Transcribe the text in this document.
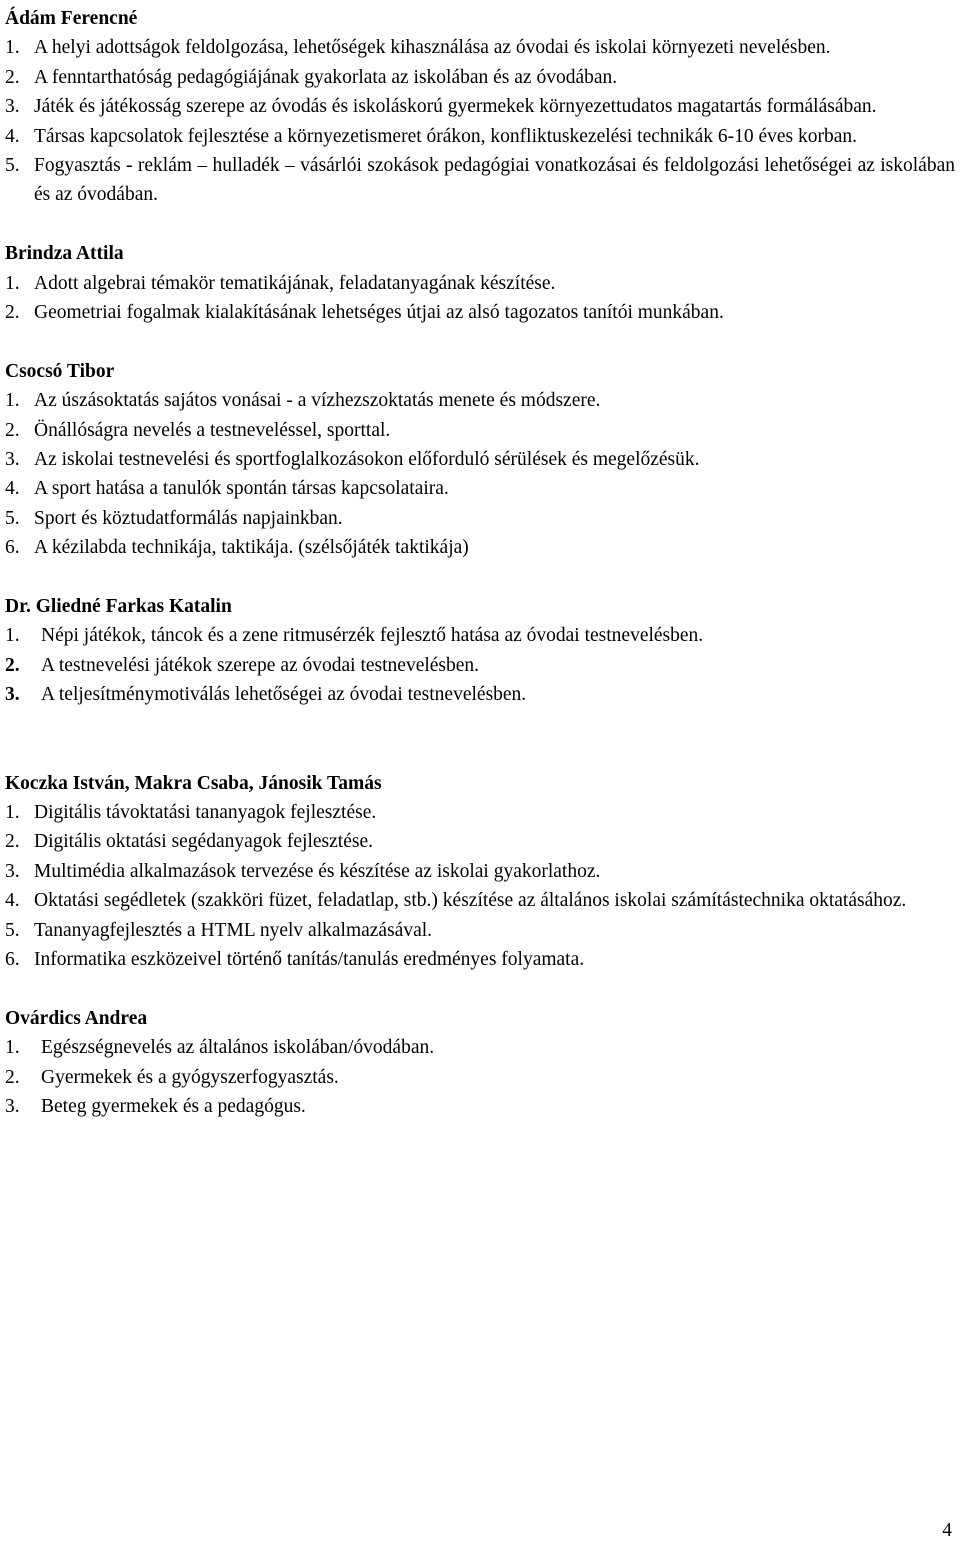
Ádám Ferencné

1. A helyi adottságok feldolgozása, lehetőségek kihasználása az óvodai és iskolai környezeti nevelésben.
2. A fenntarthatóság pedagógiájának gyakorlata az iskolában és az óvodában.
3. Játék és játékosság szerepe az óvodás és iskoláskorú gyermekek környezettudatos magatartás formálásában.
4. Társas kapcsolatok fejlesztése a környezetismeret órákon, konfliktuskezelési technikák 6-10 éves korban.
5. Fogyasztás - reklám – hulladék – vásárlói szokások pedagógiai vonatkozásai és feldolgozási lehetőségei az iskolában és az óvodában.

Brindza Attila

1. Adott algebrai témakör tematikájának, feladatanyagának készítése.
2. Geometriai fogalmak kialakításának lehetséges útjai az alsó tagozatos tanítói munkában.

Csocsó Tibor

1. Az úszásoktatás sajátos vonásai - a vízhezszoktatás menete és módszere.
2. Önállóságra nevelés a testneveléssel, sporttal.
3. Az iskolai testnevelési és sportfoglalkozásokon előforduló sérülések és megelőzésük.
4. A sport hatása a tanulók spontán társas kapcsolataira.
5. Sport és köztudatformálás napjainkban.
6. A kézilabda technikája, taktikája. (szélsőjáték taktikája)

Dr. Gliedné Farkas Katalin

1.	Népi játékok, táncok és a zene ritmusérzék fejlesztő hatása az óvodai testnevelésben.
2.	A testnevelési játékok szerepe az óvodai testnevelésben.
3.	A teljesítménymotiválás lehetőségei az óvodai testnevelésben.

Koczka István, Makra Csaba, Jánosik Tamás

1. Digitális távoktatási tananyagok fejlesztése.
2. Digitális oktatási segédanyagok fejlesztése.
3. Multimédia alkalmazások tervezése és készítése az iskolai gyakorlathoz.
4. Oktatási segédletek (szakköri füzet, feladatlap, stb.) készítése az általános iskolai számítástechnika oktatásához.
5. Tananyagfejlesztés a HTML nyelv alkalmazásával.
6. Informatika eszközeivel történő tanítás/tanulás eredményes folyamata.

Ovárdics Andrea

1.	Egészségnevelés az általános iskolában/óvodában.
2.	Gyermekek és a gyógyszerfogyasztás.
3.	Beteg gyermekek és a pedagógus.
4
